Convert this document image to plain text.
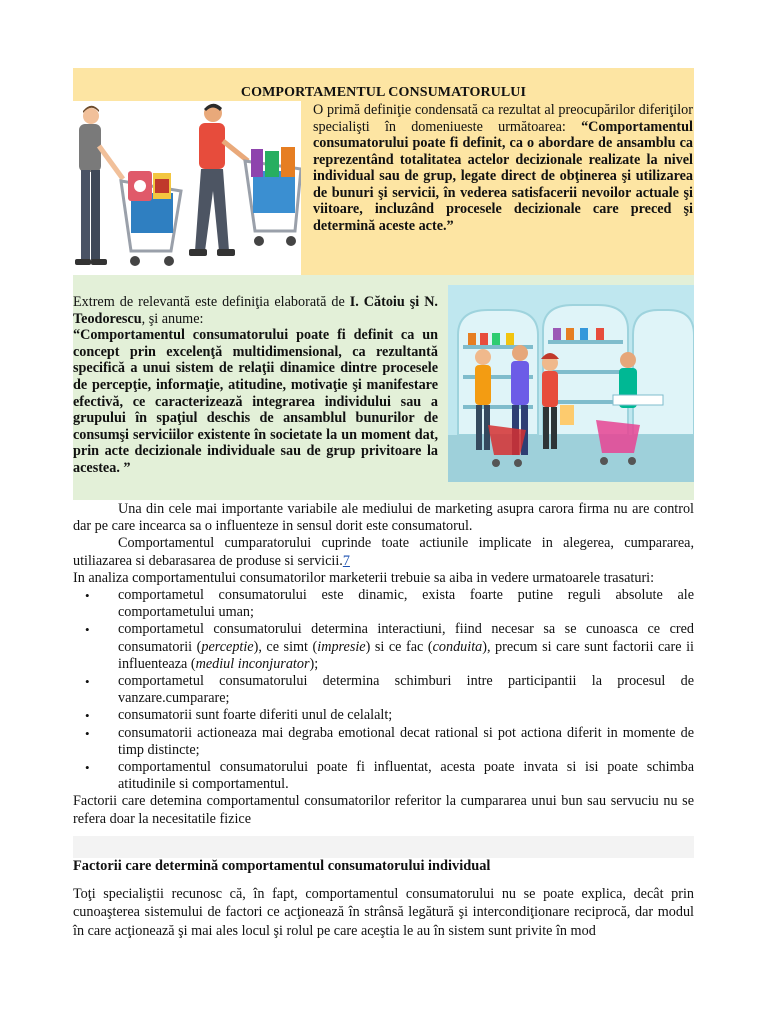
COMPORTAMENTUL CONSUMATORULUI
O primă definiţie condensată ca rezultat al preocupărilor diferiţilor specialişti în domeniueste următoarea: “Comportamentul consumatorului poate fi definit, ca o abordare de ansamblu ca reprezentând totalitatea actelor decizionale realizate la nivel individual sau de grup, legate direct de obţinerea şi utilizarea de bunuri şi servicii, în vederea satisfacerii nevoilor actuale şi viitoare, incluzând procesele decizionale care preced şi determină aceste acte.”
Extrem de relevantă este definiţia elaborată de I. Cătoiu şi N. Teodorescu, şi anume:
“Comportamentul consumatorului poate fi definit ca un concept prin excelenţă multidimensional, ca rezultantă specifică a unui sistem de relaţii dinamice dintre procesele de percepţie, informaţie, atitudine, motivaţie şi manifestare efectivă, ce caracterizează integrarea individului sau a grupului în spaţiul deschis de ansamblul bunurilor de consumşi serviciilor existente în societate la un moment dat, prin acte decizionale individuale sau de grup privitoare la acestea. ”

Una din cele mai importante variabile ale mediului de marketing asupra carora firma nu are control dar pe care incearca sa o influenteze in sensul dorit este consumatorul.

Comportamentul cumparatorului cuprinde toate actiunile implicate in alegerea, cumpararea, utiliazarea si debarasarea de produse si servicii.7

In analiza comportamentului consumatorilor marketerii trebuie sa aiba in vedere urmatoarele trasaturi:

• comportametul consumatorului este dinamic, exista foarte putine reguli absolute ale comportametului uman;
• comportametul consumatorului determina interactiuni, fiind necesar sa se cunoasca ce cred consumatorii (perceptie), ce simt (impresie) si ce fac (conduita), precum si care sunt factorii care ii influenteaza (mediul inconjurator);
• comportametul consumatorului determina schimburi intre participantii la procesul de vanzare.cumparare;
• consumatorii sunt foarte diferiti unul de celalalt;
• consumatorii actioneaza mai degraba emotional decat rational si pot actiona diferit in momente de timp distincte;
• comportamentul consumatorului poate fi influentat, acesta poate invata si isi poate schimba atitudinile si comportamentul.

Factorii care detemina comportamentul consumatorilor referitor la cumpararea unui bun sau servuciu nu se refera doar la necesitatile fizice

Factorii care determină comportamentul consumatorului individual
Toţi specialiştii recunosc că, în fapt, comportamentul consumatorului nu se poate explica, decât prin cunoaşterea sistemului de factori ce acţionează în strânsă legătură şi intercondiţionare reciprocă, dar modul în care acţionează şi mai ales locul şi rolul pe care aceştia le au în sistem sunt privite în mod
